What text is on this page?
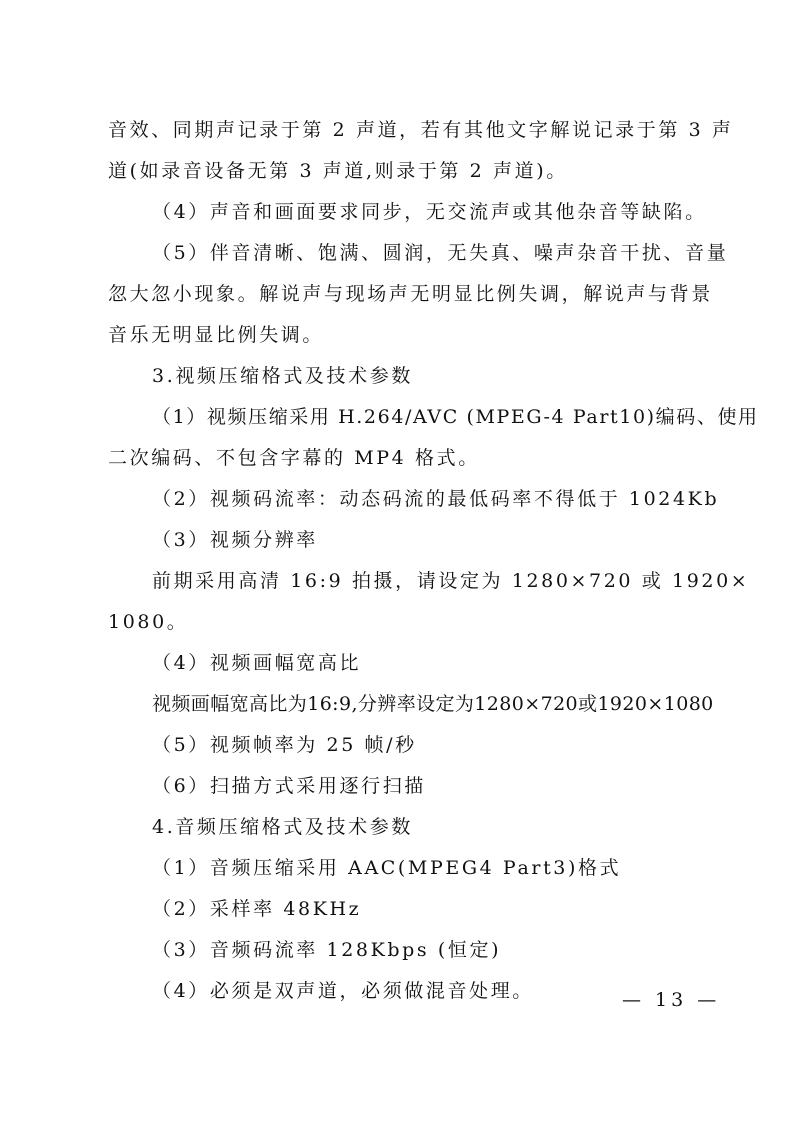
音效、同期声记录于第 2 声道，若有其他文字解说记录于第 3 声
道(如录音设备无第 3 声道,则录于第 2 声道)。
（4）声音和画面要求同步，无交流声或其他杂音等缺陷。
（5）伴音清晰、饱满、圆润，无失真、噪声杂音干扰、音量
忽大忽小现象。解说声与现场声无明显比例失调，解说声与背景
音乐无明显比例失调。
3.视频压缩格式及技术参数
（1）视频压缩采用 H.264/AVC (MPEG-4 Part10)编码、使用
二次编码、不包含字幕的 MP4 格式。
（2）视频码流率：动态码流的最低码率不得低于 1024Kb
（3）视频分辨率
前期采用高清 16:9 拍摄，请设定为 1280×720 或 1920×
1080。
（4）视频画幅宽高比
视频画幅宽高比为16:9,分辨率设定为1280×720或1920×1080
（5）视频帧率为 25 帧/秒
（6）扫描方式采用逐行扫描
4.音频压缩格式及技术参数
（1）音频压缩采用 AAC(MPEG4 Part3)格式
（2）采样率 48KHz
（3）音频码流率 128Kbps (恒定)
（4）必须是双声道，必须做混音处理。	— 13 —
